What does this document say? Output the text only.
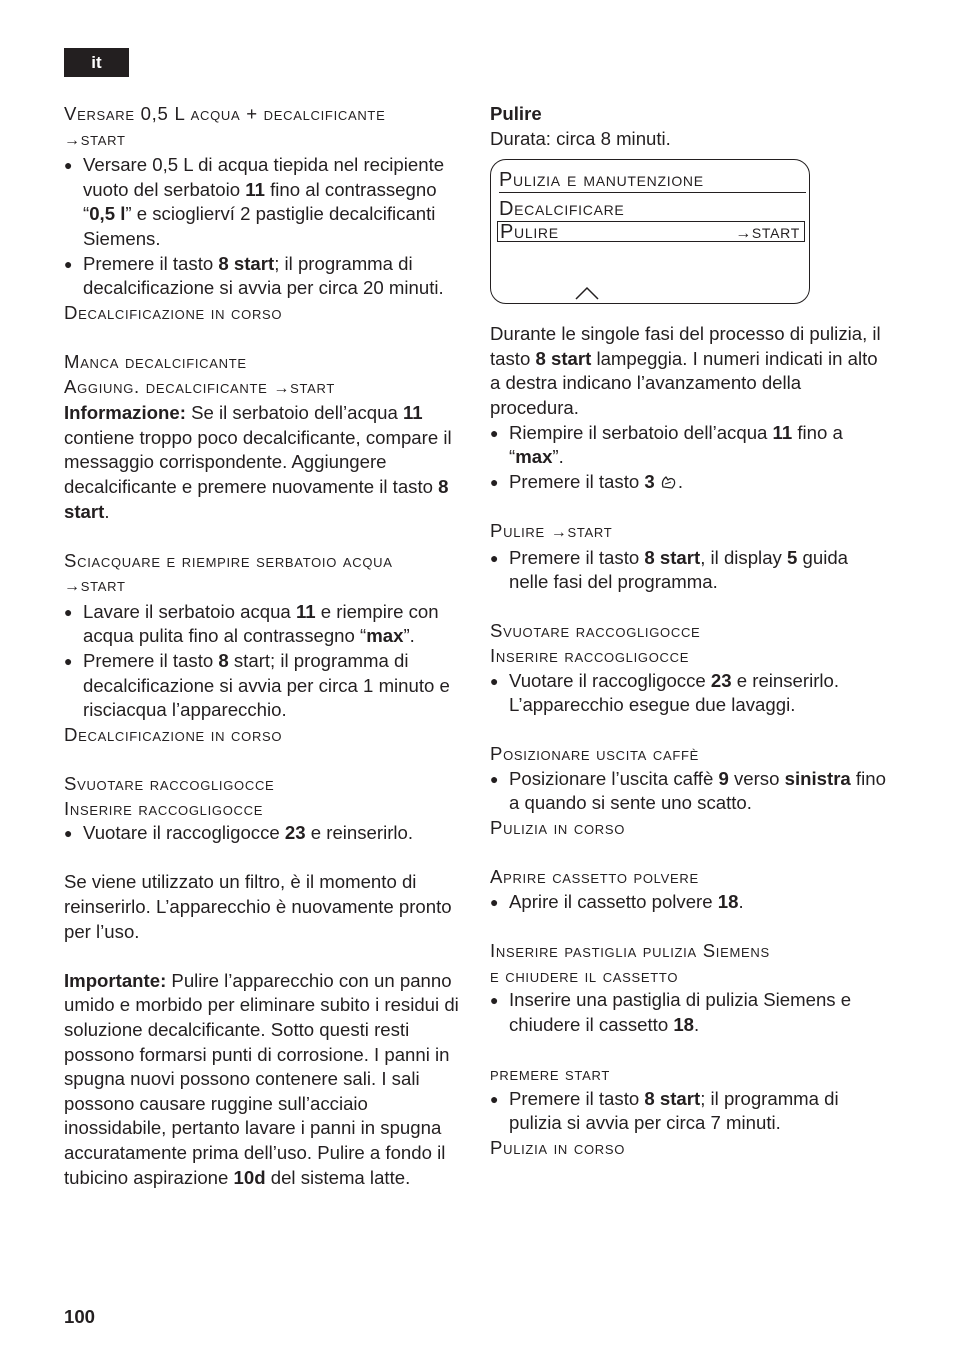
it
Versare 0,5 L acqua + decalcificante
→start
● Versare 0,5 L di acqua tiepida nel recipiente vuoto del serbatoio 11 fino al contrassegno “0,5 l” e scioglierví 2 pastiglie decalcificanti Siemens.
● Premere il tasto 8 start; il programma di decalcificazione si avvia per circa 20 minuti.
Decalcificazione in corso
Manca decalcificante
Aggiung. decalcificante →start
Informazione: Se il serbatoio dell’acqua 11 contiene troppo poco decalcificante, compare il messaggio corrispondente. Aggiungere decalcificante e premere nuovamente il tasto 8 start.
Sciacquare e riempire serbatoio acqua
→start
● Lavare il serbatoio acqua 11 e riempire con acqua pulita fino al contrassegno “max”.
● Premere il tasto 8 start; il programma di decalcificazione si avvia per circa 1 minuto e risciacqua l’apparecchio.
Decalcificazione in corso
Svuotare raccogligocce
Inserire raccogligocce
● Vuotare il raccogligocce 23 e reinserirlo.
Se viene utilizzato un filtro, è il momento di reinserirlo. L’apparecchio è nuovamente pronto per l’uso.
Importante: Pulire l’apparecchio con un panno umido e morbido per eliminare subito i residui di soluzione decalcificante. Sotto questi resti possono formarsi punti di corrosione. I panni in spugna nuovi possono contenere sali. I sali possono causare ruggine sull’acciaio inossidabile, pertanto lavare i panni in spugna accuratamente prima dell’uso. Pulire a fondo il tubicino aspirazione 10d del sistema latte.
Pulire
Durata: circa 8 minuti.
Pulizia e manutenzione
Decalcificare
Pulire	→start
Durante le singole fasi del processo di pulizia, il tasto 8 start lampeggia. I numeri indicati in alto a destra indicano l’avanzamento della procedura.
● Riempire il serbatoio dell’acqua 11 fino a “max”.
● Premere il tasto 3 .
Pulire →start
● Premere il tasto 8 start, il display 5 guida nelle fasi del programma.
Svuotare raccogligocce
Inserire raccogligocce
● Vuotare il raccogligocce 23 e reinserirlo. L’apparecchio esegue due lavaggi.
Posizionare uscita caffè
● Posizionare l’uscita caffè 9 verso sinistra fino a quando si sente uno scatto.
Pulizia in corso
Aprire cassetto polvere
● Aprire il cassetto polvere 18.
Inserire pastiglia pulizia Siemens
e chiudere il cassetto
● Inserire una pastiglia di pulizia Siemens e chiudere il cassetto 18.
premere start
● Premere il tasto 8 start; il programma di pulizia si avvia per circa 7 minuti.
Pulizia in corso
100
